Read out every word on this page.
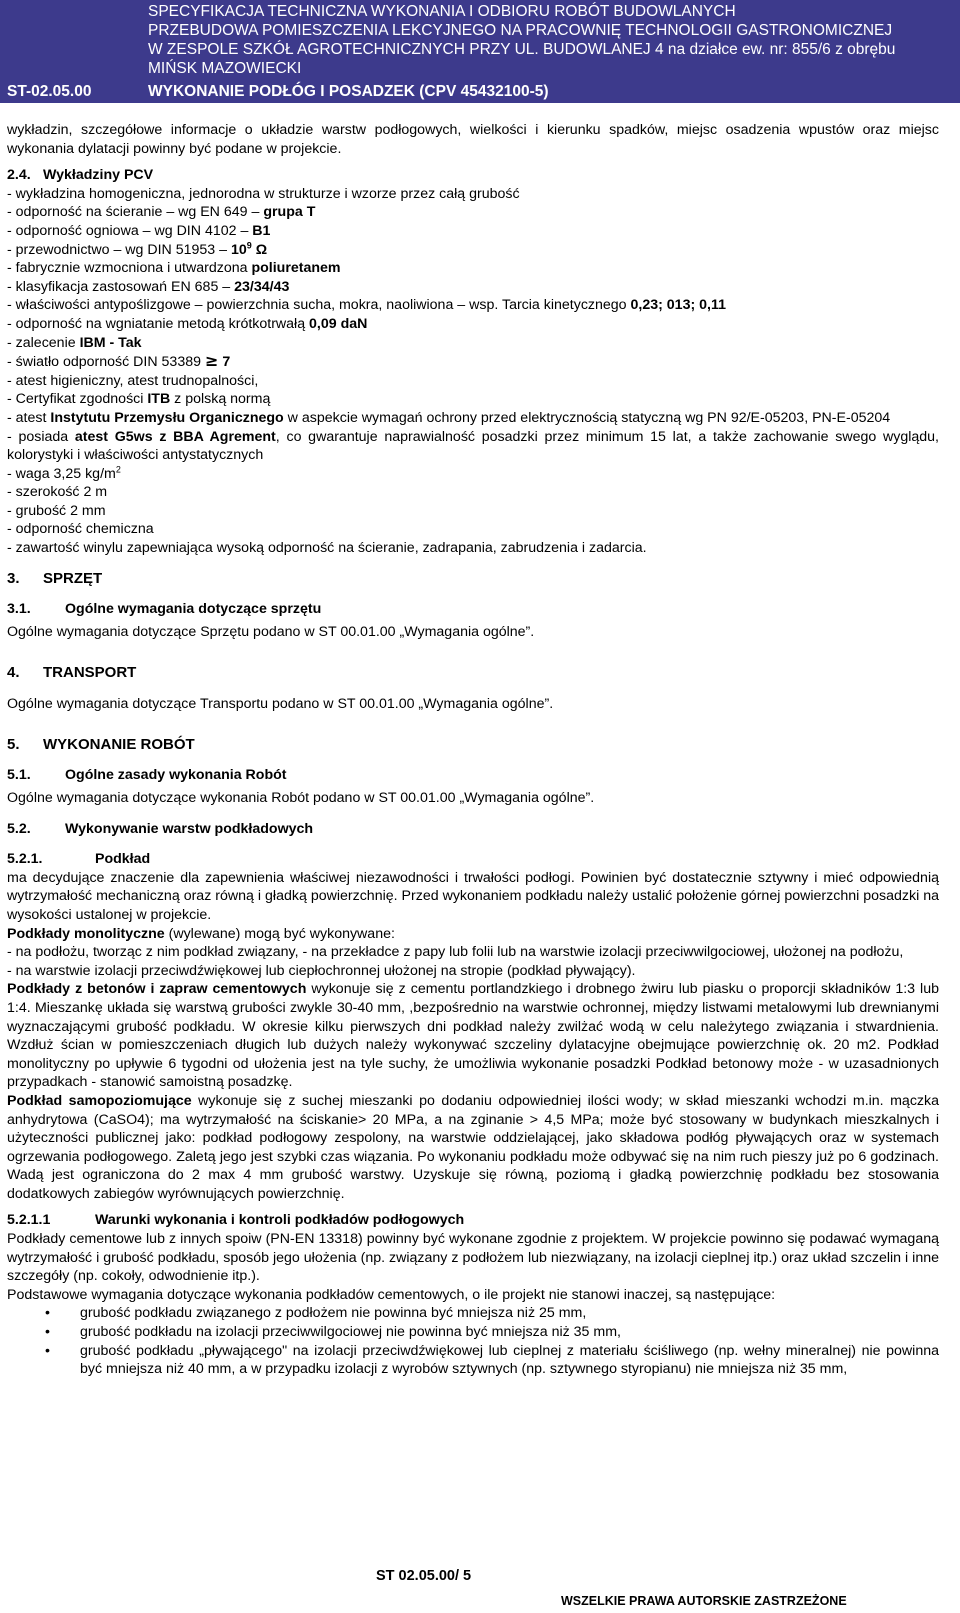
SPECYFIKACJA TECHNICZNA WYKONANIA I ODBIORU ROBÓT BUDOWLANYCH
PRZEBUDOWA POMIESZCZENIA LEKCYJNEGO NA PRACOWNIĘ TECHNOLOGII GASTRONOMICZNEJ
W ZESPOLE SZKÓŁ AGROTECHNICZNYCH PRZY UL. BUDOWLANEJ 4 na działce ew. nr: 855/6 z obrębu
MIŃSK MAZOWIECKI
ST-02.05.00	WYKONANIE PODŁÓG I POSADZEK (CPV 45432100-5)

wykładzin, szczegółowe informacje o układzie warstw podłogowych, wielkości i kierunku spadków, miejsc osadzenia wpustów oraz miejsc wykonania dylatacji powinny być podane w projekcie.

2.4. Wykładziny PCV

- wykładzina homogeniczna, jednorodna w strukturze i wzorze przez całą grubość
- odporność na ścieranie – wg EN 649 – grupa T
- odporność ogniowa – wg DIN 4102 – B1
- przewodnictwo – wg DIN $51953 - 10^9$ Ω
- fabrycznie wzmocniona i utwardzona poliuretanem
- klasyfikacja zastosowań EN 685 – 23/34/43
- właściwości antypoślizgowe – powierzchnia sucha, mokra, naoliwiona – wsp. Tarcia kinetycznego 0,23; 013; 0,11
- odporność na wgniatanie metodą krótkotrwałą 0,09 daN
- zalecenie IBM - Tak
- światło odporność DIN 53389 ≥ 7
- atest higieniczny, atest trudnopalności,
- Certyfikat zgodności ITB z polską normą
- atest Instytutu Przemysłu Organicznego w aspekcie wymagań ochrony przed elektrycznością statyczną wg PN 92/E-05203, PN-E-05204
- posiada atest G5ws z BBA Agrement, co gwarantuje naprawialność posadzki przez minimum 15 lat, a także zachowanie swego wyglądu, kolorystyki i właściwości antystatycznych
- waga 3,25 $kg/m^2$
- szerokość 2 m
- grubość 2 mm
- odporność chemiczna
- zawartość winylu zapewniająca wysoką odporność na ścieranie, zadrapania, zabrudzenia i zadarcia.

3. SPRZĘT

3.1. Ogólne wymagania dotyczące sprzętu

Ogólne wymagania dotyczące Sprzętu podano w ST 00.01.00 „Wymagania ogólne”.

4. TRANSPORT

Ogólne wymagania dotyczące Transportu podano w ST 00.01.00 „Wymagania ogólne”.

5. WYKONANIE ROBÓT

5.1. Ogólne zasady wykonania Robót

Ogólne wymagania dotyczące wykonania Robót podano w ST 00.01.00 „Wymagania ogólne”.

5.2. Wykonywanie warstw podkładowych

5.2.1.	Podkład

ma decydujące znaczenie dla zapewnienia właściwej niezawodności i trwałości podłogi. Powinien być dostatecznie sztywny i mieć odpowiednią wytrzymałość mechaniczną oraz równą i gładką powierzchnię. Przed wykonaniem podkładu należy ustalić położenie górnej powierzchni posadzki na wysokości ustalonej w projekcie.

Podkłady monolityczne (wylewane) mogą być wykonywane:

- na podłożu, tworząc z nim podkład związany, - na przekładce z papy lub folii lub na warstwie izolacji przeciwwilgociowej, ułożonej na podłożu,

- na warstwie izolacji przeciwdźwiękowej lub ciepłochronnej ułożonej na stropie (podkład pływający).

Podkłady z betonów i zapraw cementowych wykonuje się z cementu portlandzkiego i drobnego żwiru lub piasku o proporcji składników 1:3 lub 1:4. Mieszankę układa się warstwą grubości zwykle 30-40 mm, ,bezpośrednio na warstwie ochronnej, między listwami metalowymi lub drewnianymi wyznaczającymi grubość podkładu. W okresie kilku pierwszych dni podkład należy zwilżać wodą w celu należytego związania i stwardnienia. Wzdłuż ścian w pomieszczeniach długich lub dużych należy wykonywać szczeliny dylatacyjne obejmujące powierzchnię ok. 20 m2. Podkład monolityczny po upływie 6 tygodni od ułożenia jest na tyle suchy, że umożliwia wykonanie posadzki Podkład betonowy może - w uzasadnionych przypadkach - stanowić samoistną posadzkę.

Podkład samopoziomujące wykonuje się z suchej mieszanki po dodaniu odpowiedniej ilości wody; w skład mieszanki wchodzi m.in. mączka anhydrytowa (CaSO4); ma wytrzymałość na ściskanie> 20 MPa, a na zginanie > 4,5 MPa; może być stosowany w budynkach mieszkalnych i użyteczności publicznej jako: podkład podłogowy zespolony, na warstwie oddzielającej, jako składowa podłóg pływających oraz w systemach ogrzewania podłogowego. Zaletą jego jest szybki czas wiązania. Po wykonaniu podkładu może odbywać się na nim ruch pieszy już po 6 godzinach. Wadą jest ograniczona do 2 max 4 mm grubość warstwy. Uzyskuje się równą, poziomą i gładką powierzchnię podkładu bez stosowania dodatkowych zabiegów wyrównujących powierzchnię.

5.2.1.1	Warunki wykonania i kontroli podkładów podłogowych

Podkłady cementowe lub z innych spoiw (PN-EN 13318) powinny być wykonane zgodnie z projektem. W projekcie powinno się podawać wymaganą wytrzymałość i grubość podkładu, sposób jego ułożenia (np. związany z podłożem lub niezwiązany, na izolacji cieplnej itp.) oraz układ szczelin i inne szczegóły (np. cokoły, odwodnienie itp.).

Podstawowe wymagania dotyczące wykonania podkładów cementowych, o ile projekt nie stanowi inaczej, są następujące:

• grubość podkładu związanego z podłożem nie powinna być mniejsza niż 25 mm,
• grubość podkładu na izolacji przeciwwilgociowej nie powinna być mniejsza niż 35 mm,
• grubość podkładu „pływającego" na izolacji przeciwdźwiękowej lub cieplnej z materiału ściśliwego (np. wełny mineralnej) nie powinna być mniejsza niż 40 mm, a w przypadku izolacji z wyrobów sztywnych (np. sztywnego styropianu) nie mniejsza niż 35 mm,
ST 02.05.00/ 5
WSZELKIE PRAWA AUTORSKIE ZASTRZEŻONE
